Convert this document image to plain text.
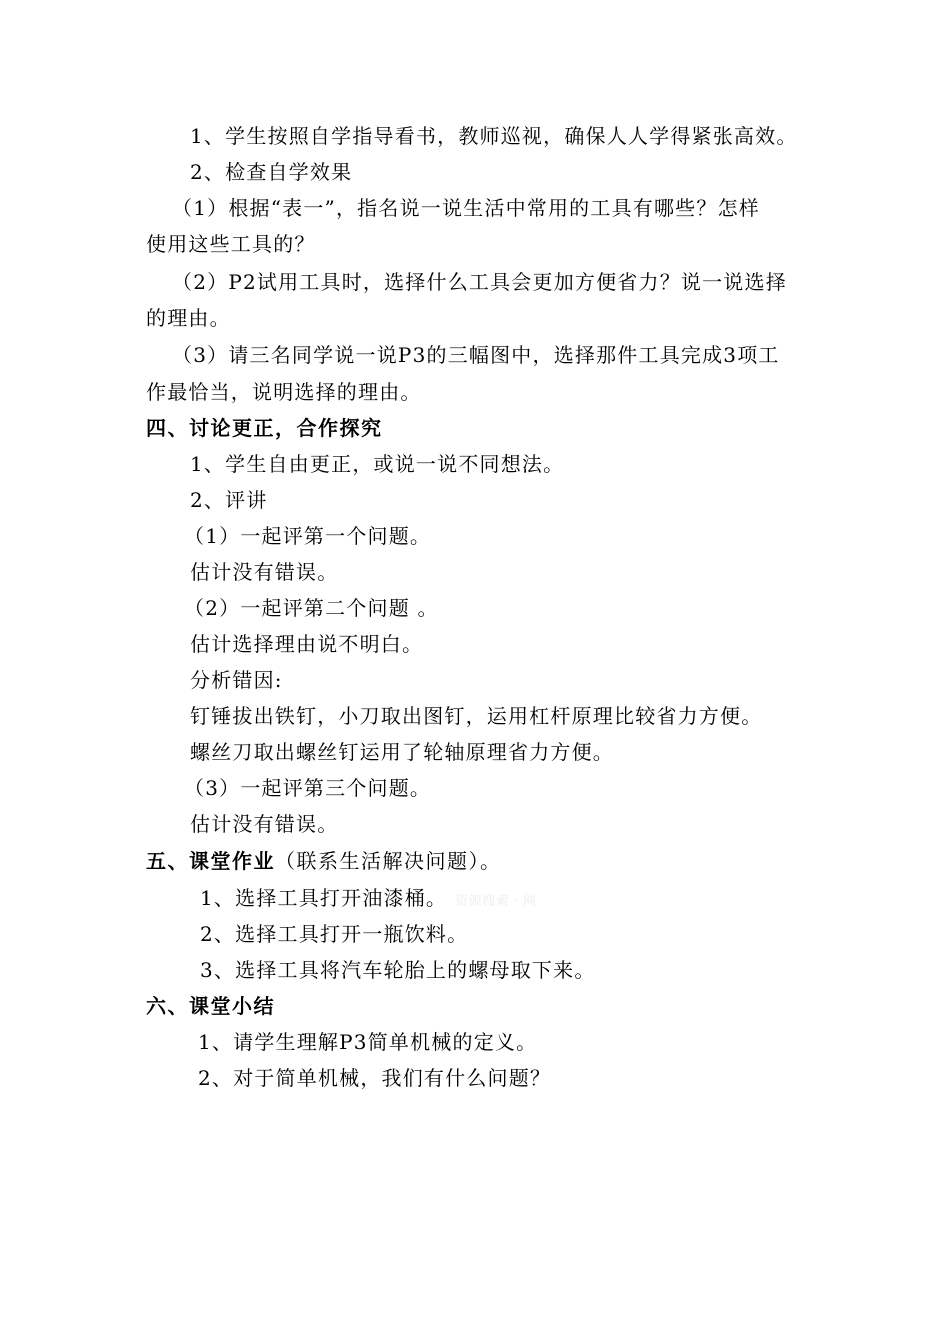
1、学生按照自学指导看书，教师巡视，确保人人学得紧张高效。
2、检查自学效果
（1）根据“表一”，指名说一说生活中常用的工具有哪些？怎样
使用这些工具的？
（2）P2试用工具时，选择什么工具会更加方便省力？说一说选择
的理由。
（3）请三名同学说一说P3的三幅图中，选择那件工具完成3项工
作最恰当，说明选择的理由。
四、讨论更正，合作探究
1、学生自由更正，或说一说不同想法。
2、评讲
（1）一起评第一个问题。
估计没有错误。
（2）一起评第二个问题 。
估计选择理由说不明白。
分析错因:
钉锤拔出铁钉，小刀取出图钉，运用杠杆原理比较省力方便。
螺丝刀取出螺丝钉运用了轮轴原理省力方便。
（3）一起评第三个问题。
估计没有错误。
五、课堂作业（联系生活解决问题）。
1、选择工具打开油漆桶。 资源搜索 · 网
2、选择工具打开一瓶饮料。
3、选择工具将汽车轮胎上的螺母取下来。
六、课堂小结
1、请学生理解P3简单机械的定义。
2、对于简单机械，我们有什么问题？
